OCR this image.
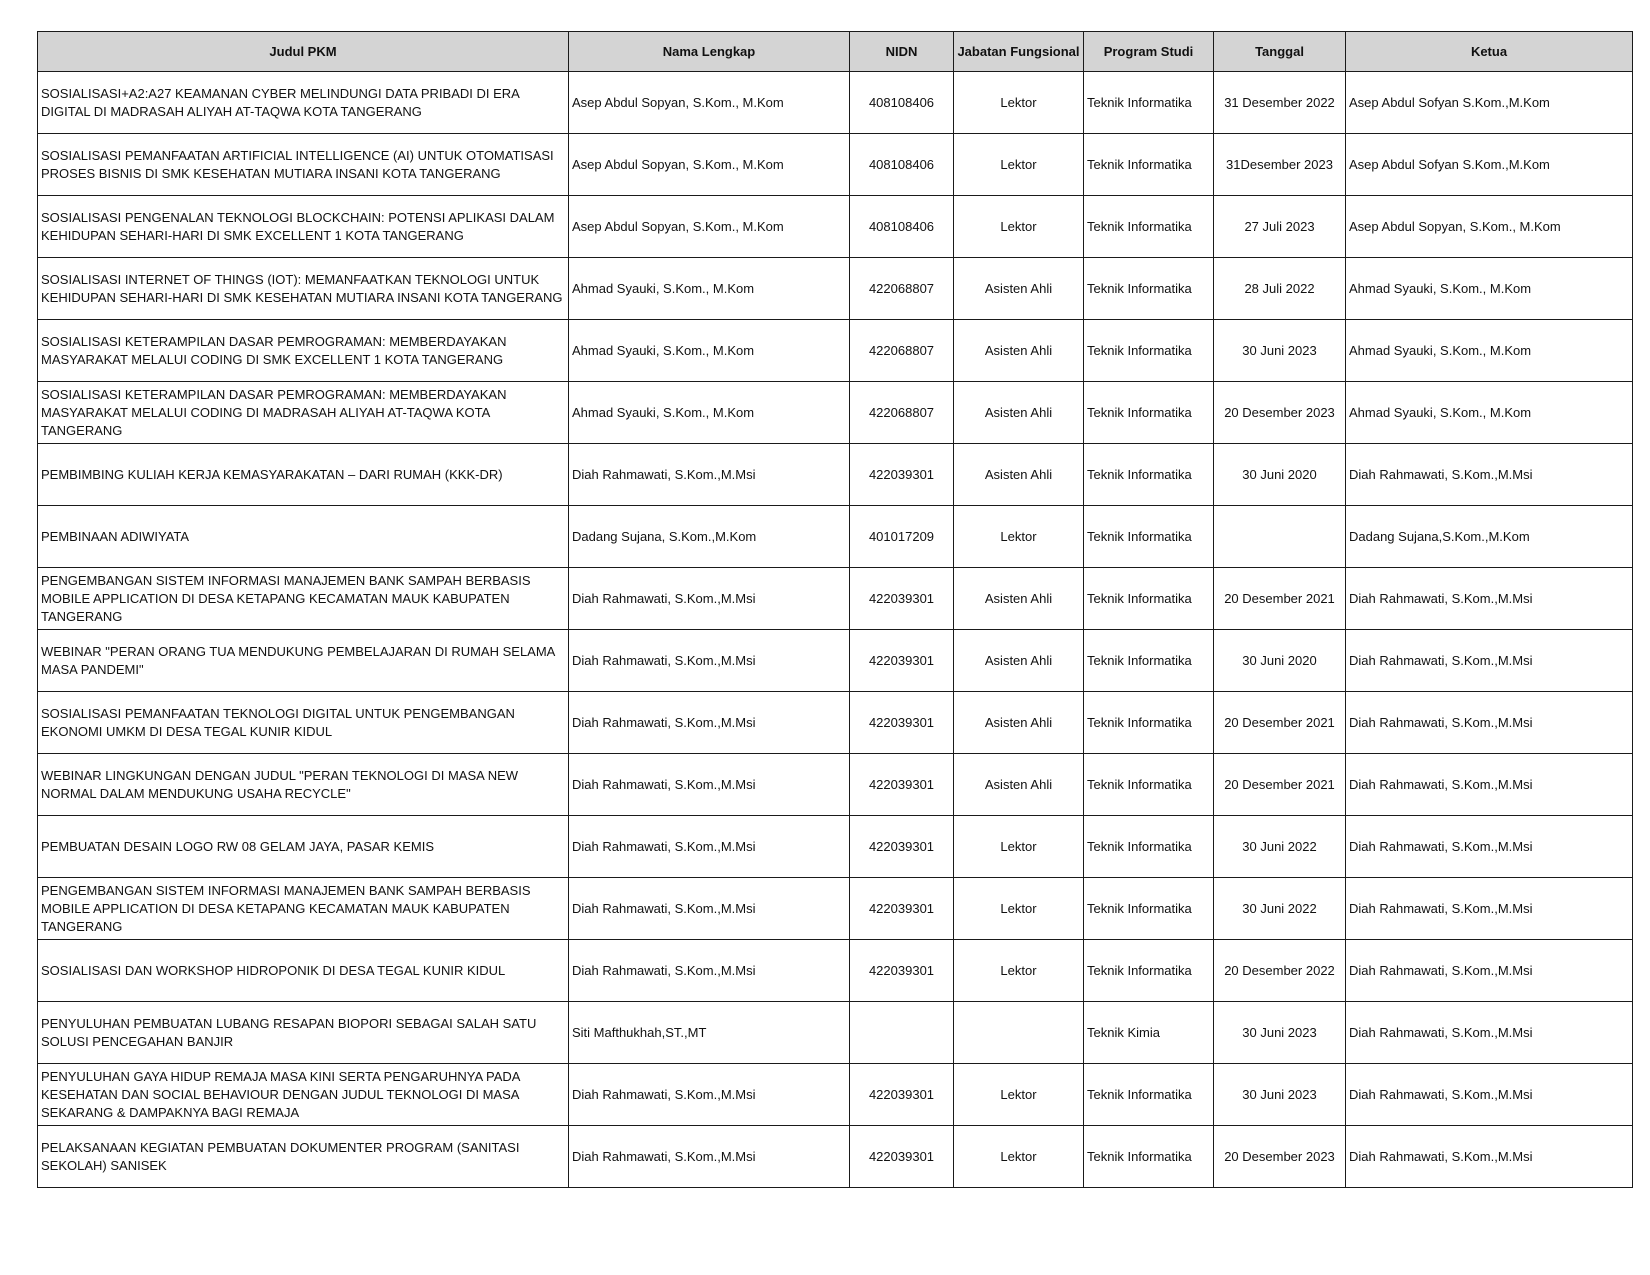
Judul PKM	Nama Lengkap	NIDN	Jabatan Fungsional	Program Studi	Tanggal	Ketua
SOSIALISASI+A2:A27 KEAMANAN CYBER MELINDUNGI DATA PRIBADI DI ERA DIGITAL DI MADRASAH ALIYAH AT-TAQWA KOTA TANGERANG	Asep Abdul Sopyan, S.Kom., M.Kom	408108406	Lektor	Teknik Informatika	31 Desember 2022	Asep Abdul Sofyan S.Kom.,M.Kom
SOSIALISASI PEMANFAATAN ARTIFICIAL INTELLIGENCE (AI) UNTUK OTOMATISASI PROSES BISNIS DI SMK KESEHATAN MUTIARA INSANI KOTA TANGERANG	Asep Abdul Sopyan, S.Kom., M.Kom	408108406	Lektor	Teknik Informatika	31Desember 2023	Asep Abdul Sofyan S.Kom.,M.Kom
SOSIALISASI PENGENALAN TEKNOLOGI BLOCKCHAIN: POTENSI APLIKASI DALAM KEHIDUPAN SEHARI-HARI DI SMK EXCELLENT 1 KOTA TANGERANG	Asep Abdul Sopyan, S.Kom., M.Kom	408108406	Lektor	Teknik Informatika	27 Juli 2023	Asep Abdul Sopyan, S.Kom., M.Kom
SOSIALISASI INTERNET OF THINGS (IOT): MEMANFAATKAN TEKNOLOGI UNTUK KEHIDUPAN SEHARI-HARI DI SMK KESEHATAN MUTIARA INSANI KOTA TANGERANG	Ahmad Syauki, S.Kom., M.Kom	422068807	Asisten Ahli	Teknik Informatika	28 Juli 2022	Ahmad Syauki, S.Kom., M.Kom
SOSIALISASI KETERAMPILAN DASAR PEMROGRAMAN: MEMBERDAYAKAN MASYARAKAT MELALUI CODING DI SMK EXCELLENT 1 KOTA TANGERANG	Ahmad Syauki, S.Kom., M.Kom	422068807	Asisten Ahli	Teknik Informatika	30 Juni 2023	Ahmad Syauki, S.Kom., M.Kom
SOSIALISASI KETERAMPILAN DASAR PEMROGRAMAN: MEMBERDAYAKAN MASYARAKAT MELALUI CODING DI MADRASAH ALIYAH AT-TAQWA KOTA TANGERANG	Ahmad Syauki, S.Kom., M.Kom	422068807	Asisten Ahli	Teknik Informatika	20 Desember 2023	Ahmad Syauki, S.Kom., M.Kom
PEMBIMBING KULIAH KERJA KEMASYARAKATAN – DARI RUMAH (KKK-DR)	Diah Rahmawati, S.Kom.,M.Msi	422039301	Asisten Ahli	Teknik Informatika	30 Juni 2020	Diah Rahmawati, S.Kom.,M.Msi
PEMBINAAN ADIWIYATA	Dadang Sujana, S.Kom.,M.Kom	401017209	Lektor	Teknik Informatika		Dadang Sujana,S.Kom.,M.Kom
PENGEMBANGAN SISTEM INFORMASI MANAJEMEN BANK SAMPAH BERBASIS MOBILE APPLICATION DI DESA KETAPANG KECAMATAN MAUK KABUPATEN TANGERANG	Diah Rahmawati, S.Kom.,M.Msi	422039301	Asisten Ahli	Teknik Informatika	20 Desember 2021	Diah Rahmawati, S.Kom.,M.Msi
WEBINAR "PERAN ORANG TUA MENDUKUNG PEMBELAJARAN DI RUMAH SELAMA MASA PANDEMI"	Diah Rahmawati, S.Kom.,M.Msi	422039301	Asisten Ahli	Teknik Informatika	30 Juni 2020	Diah Rahmawati, S.Kom.,M.Msi
SOSIALISASI PEMANFAATAN TEKNOLOGI DIGITAL UNTUK PENGEMBANGAN EKONOMI UMKM DI DESA TEGAL KUNIR KIDUL	Diah Rahmawati, S.Kom.,M.Msi	422039301	Asisten Ahli	Teknik Informatika	20 Desember 2021	Diah Rahmawati, S.Kom.,M.Msi
WEBINAR LINGKUNGAN DENGAN JUDUL "PERAN TEKNOLOGI DI MASA NEW NORMAL DALAM MENDUKUNG USAHA RECYCLE"	Diah Rahmawati, S.Kom.,M.Msi	422039301	Asisten Ahli	Teknik Informatika	20 Desember 2021	Diah Rahmawati, S.Kom.,M.Msi
PEMBUATAN DESAIN LOGO RW 08 GELAM JAYA, PASAR KEMIS	Diah Rahmawati, S.Kom.,M.Msi	422039301	Lektor	Teknik Informatika	30 Juni 2022	Diah Rahmawati, S.Kom.,M.Msi
PENGEMBANGAN SISTEM INFORMASI MANAJEMEN BANK SAMPAH BERBASIS MOBILE APPLICATION DI DESA KETAPANG KECAMATAN MAUK KABUPATEN TANGERANG	Diah Rahmawati, S.Kom.,M.Msi	422039301	Lektor	Teknik Informatika	30 Juni 2022	Diah Rahmawati, S.Kom.,M.Msi
SOSIALISASI DAN WORKSHOP HIDROPONIK DI DESA TEGAL KUNIR KIDUL	Diah Rahmawati, S.Kom.,M.Msi	422039301	Lektor	Teknik Informatika	20 Desember 2022	Diah Rahmawati, S.Kom.,M.Msi
PENYULUHAN PEMBUATAN LUBANG RESAPAN BIOPORI SEBAGAI SALAH SATU SOLUSI PENCEGAHAN BANJIR	Siti Mafthukhah,ST.,MT			Teknik Kimia	30 Juni 2023	Diah Rahmawati, S.Kom.,M.Msi
PENYULUHAN GAYA HIDUP REMAJA MASA KINI SERTA PENGARUHNYA PADA KESEHATAN DAN SOCIAL BEHAVIOUR DENGAN JUDUL TEKNOLOGI DI MASA SEKARANG & DAMPAKNYA BAGI REMAJA	Diah Rahmawati, S.Kom.,M.Msi	422039301	Lektor	Teknik Informatika	30 Juni 2023	Diah Rahmawati, S.Kom.,M.Msi
PELAKSANAAN KEGIATAN PEMBUATAN DOKUMENTER PROGRAM (SANITASI SEKOLAH) SANISEK	Diah Rahmawati, S.Kom.,M.Msi	422039301	Lektor	Teknik Informatika	20 Desember 2023	Diah Rahmawati, S.Kom.,M.Msi
